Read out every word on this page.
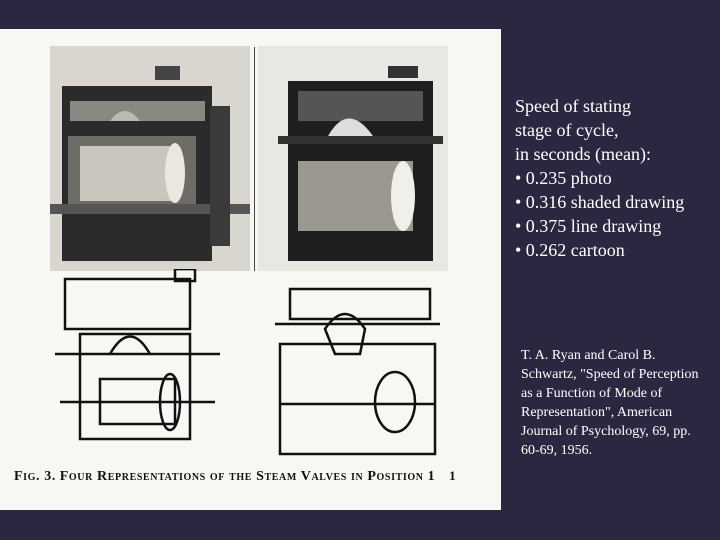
Fig. 3. Four Representations of the Steam Valves in Position 1 1
Speed of stating
stage of cycle,
in seconds (mean):
• 0.235 photo
• 0.316 shaded drawing
• 0.375 line drawing
• 0.262 cartoon
T. A. Ryan and Carol B. Schwartz, "Speed of Perception as a Function of Mode of Representation", American Journal of Psychology, 69, pp. 60-69, 1956.
